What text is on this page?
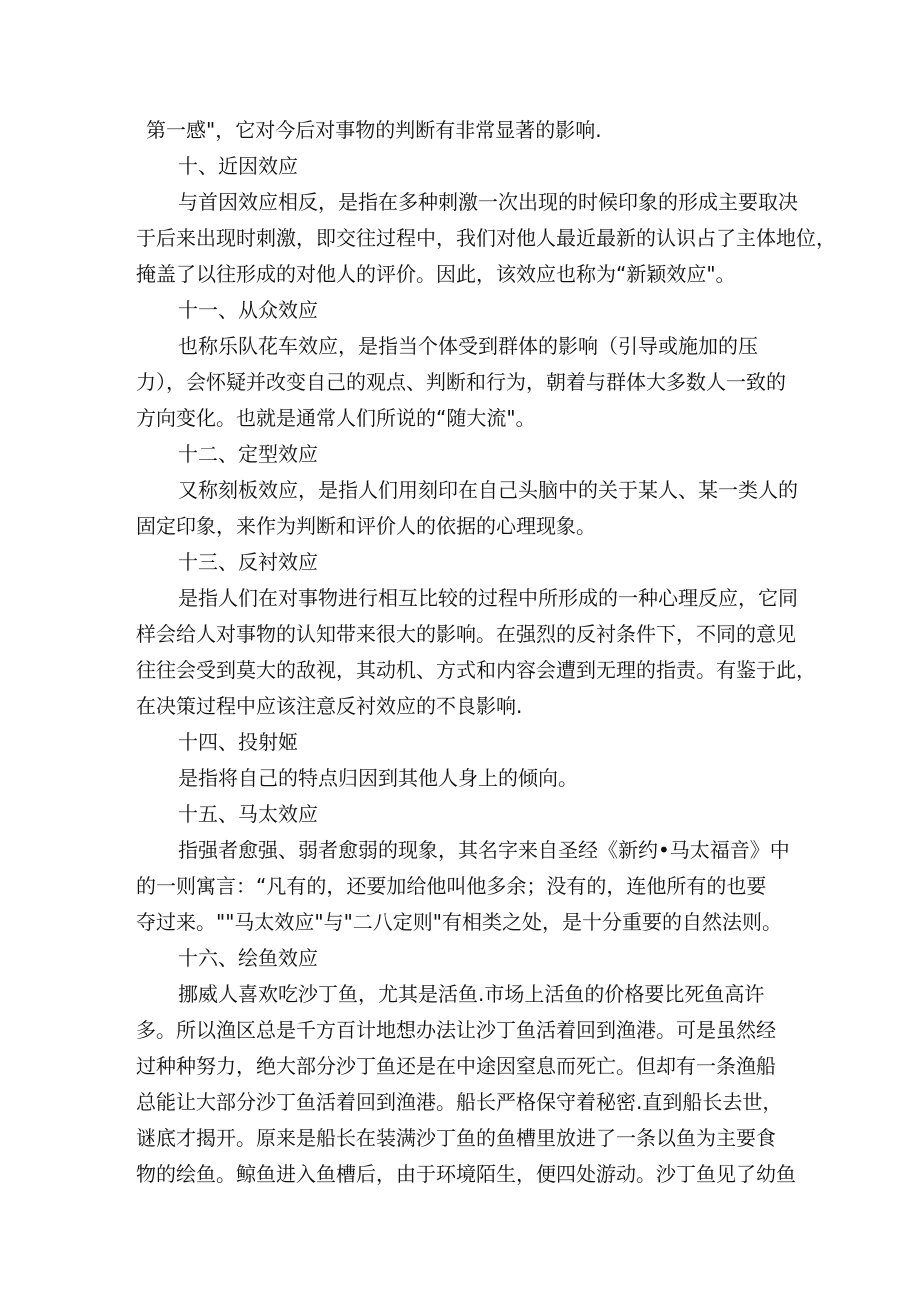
第一感"，它对今后对事物的判断有非常显著的影响.
十、近因效应
与首因效应相反，是指在多种刺激一次出现的时候印象的形成主要取决
于后来出现时刺激，即交往过程中，我们对他人最近最新的认识占了主体地位，
掩盖了以往形成的对他人的评价。因此，该效应也称为“新颖效应"。
十一、从众效应
也称乐队花车效应，是指当个体受到群体的影响（引导或施加的压
力），会怀疑并改变自己的观点、判断和行为，朝着与群体大多数人一致的
方向变化。也就是通常人们所说的“随大流"。
十二、定型效应
又称刻板效应，是指人们用刻印在自己头脑中的关于某人、某一类人的
固定印象，来作为判断和评价人的依据的心理现象。
十三、反衬效应
是指人们在对事物进行相互比较的过程中所形成的一种心理反应，它同
样会给人对事物的认知带来很大的影响。在强烈的反衬条件下，不同的意见
往往会受到莫大的敌视，其动机、方式和内容会遭到无理的指责。有鉴于此，
在决策过程中应该注意反衬效应的不良影响.
十四、投射姬
是指将自己的特点归因到其他人身上的倾向。
十五、马太效应
指强者愈强、弱者愈弱的现象，其名字来自圣经《新约•马太福音》中
的一则寓言：“凡有的，还要加给他叫他多余；没有的，连他所有的也要
夺过来。""马太效应"与"二八定则"有相类之处，是十分重要的自然法则。
十六、绘鱼效应
挪威人喜欢吃沙丁鱼，尤其是活鱼.市场上活鱼的价格要比死鱼高许
多。所以渔区总是千方百计地想办法让沙丁鱼活着回到渔港。可是虽然经
过种种努力，绝大部分沙丁鱼还是在中途因窒息而死亡。但却有一条渔船
总能让大部分沙丁鱼活着回到渔港。船长严格保守着秘密.直到船长去世，
谜底才揭开。原来是船长在装满沙丁鱼的鱼槽里放进了一条以鱼为主要食
物的绘鱼。鲸鱼进入鱼槽后，由于环境陌生，便四处游动。沙丁鱼见了幼鱼
